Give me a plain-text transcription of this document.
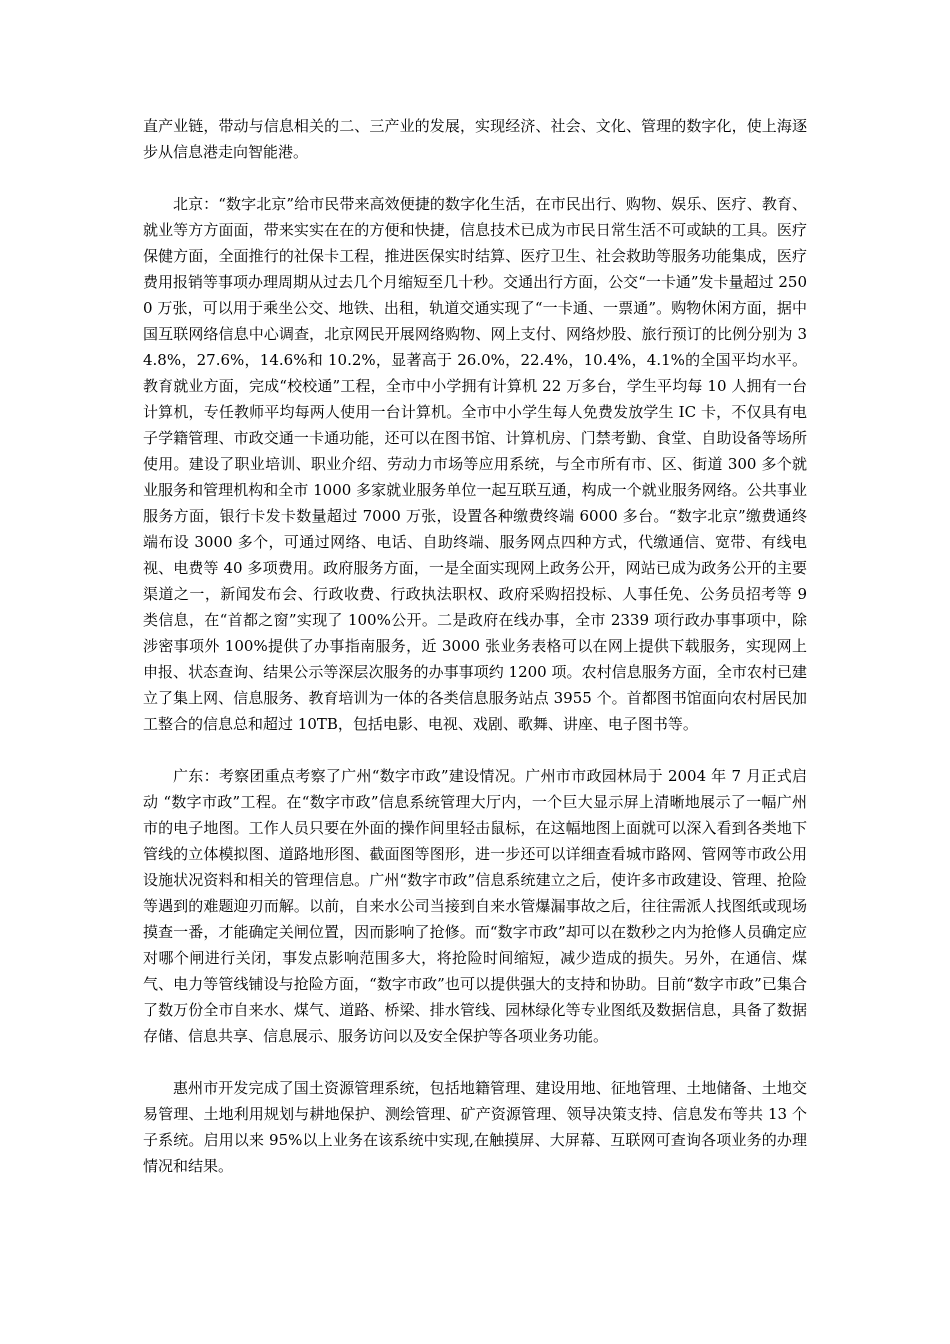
直产业链，带动与信息相关的二、三产业的发展，实现经济、社会、文化、管理的数字化，使上海逐步从信息港走向智能港。

北京：“数字北京”给市民带来高效便捷的数字化生活，在市民出行、购物、娱乐、医疗、教育、就业等方方面面，带来实实在在的方便和快捷，信息技术已成为市民日常生活不可或缺的工具。医疗保健方面，全面推行的社保卡工程，推进医保实时结算、医疗卫生、社会救助等服务功能集成，医疗费用报销等事项办理周期从过去几个月缩短至几十秒。交通出行方面，公交“一卡通”发卡量超过 2500 万张，可以用于乘坐公交、地铁、出租，轨道交通实现了“一卡通、一票通”。购物休闲方面，据中国互联网络信息中心调查，北京网民开展网络购物、网上支付、网络炒股、旅行预订的比例分别为 34.8%，27.6%，14.6%和 10.2%，显著高于 26.0%，22.4%，10.4%，4.1%的全国平均水平。教育就业方面，完成“校校通”工程，全市中小学拥有计算机 22 万多台，学生平均每 10 人拥有一台计算机，专任教师平均每两人使用一台计算机。全市中小学生每人免费发放学生 IC 卡，不仅具有电子学籍管理、市政交通一卡通功能，还可以在图书馆、计算机房、门禁考勤、食堂、自助设备等场所使用。建设了职业培训、职业介绍、劳动力市场等应用系统，与全市所有市、区、街道 300 多个就业服务和管理机构和全市 1000 多家就业服务单位一起互联互通，构成一个就业服务网络。公共事业服务方面，银行卡发卡数量超过 7000 万张，设置各种缴费终端 6000 多台。“数字北京”缴费通终端布设 3000 多个，可通过网络、电话、自助终端、服务网点四种方式，代缴通信、宽带、有线电视、电费等 40 多项费用。政府服务方面，一是全面实现网上政务公开，网站已成为政务公开的主要渠道之一，新闻发布会、行政收费、行政执法职权、政府采购招投标、人事任免、公务员招考等 9 类信息，在“首都之窗”实现了 100%公开。二是政府在线办事，全市 2339 项行政办事事项中，除涉密事项外 100%提供了办事指南服务，近 3000 张业务表格可以在网上提供下载服务，实现网上申报、状态查询、结果公示等深层次服务的办事事项约 1200 项。农村信息服务方面，全市农村已建立了集上网、信息服务、教育培训为一体的各类信息服务站点 3955 个。首都图书馆面向农村居民加工整合的信息总和超过 10TB，包括电影、电视、戏剧、歌舞、讲座、电子图书等。

广东：考察团重点考察了广州“数字市政”建设情况。广州市市政园林局于 2004 年 7 月正式启动 “数字市政”工程。在“数字市政”信息系统管理大厅内，一个巨大显示屏上清晰地展示了一幅广州市的电子地图。工作人员只要在外面的操作间里轻击鼠标，在这幅地图上面就可以深入看到各类地下管线的立体模拟图、道路地形图、截面图等图形，进一步还可以详细查看城市路网、管网等市政公用设施状况资料和相关的管理信息。广州“数字市政”信息系统建立之后，使许多市政建设、管理、抢险等遇到的难题迎刃而解。以前，自来水公司当接到自来水管爆漏事故之后，往往需派人找图纸或现场摸查一番，才能确定关闸位置，因而影响了抢修。而“数字市政”却可以在数秒之内为抢修人员确定应对哪个闸进行关闭，事发点影响范围多大，将抢险时间缩短，减少造成的损失。另外，在通信、煤气、电力等管线铺设与抢险方面，“数字市政”也可以提供强大的支持和协助。目前“数字市政”已集合了数万份全市自来水、煤气、道路、桥梁、排水管线、园林绿化等专业图纸及数据信息，具备了数据存储、信息共享、信息展示、服务访问以及安全保护等各项业务功能。

惠州市开发完成了国土资源管理系统，包括地籍管理、建设用地、征地管理、土地储备、土地交易管理、土地利用规划与耕地保护、测绘管理、矿产资源管理、领导决策支持、信息发布等共 13 个子系统。启用以来 95%以上业务在该系统中实现,在触摸屏、大屏幕、互联网可查询各项业务的办理情况和结果。
